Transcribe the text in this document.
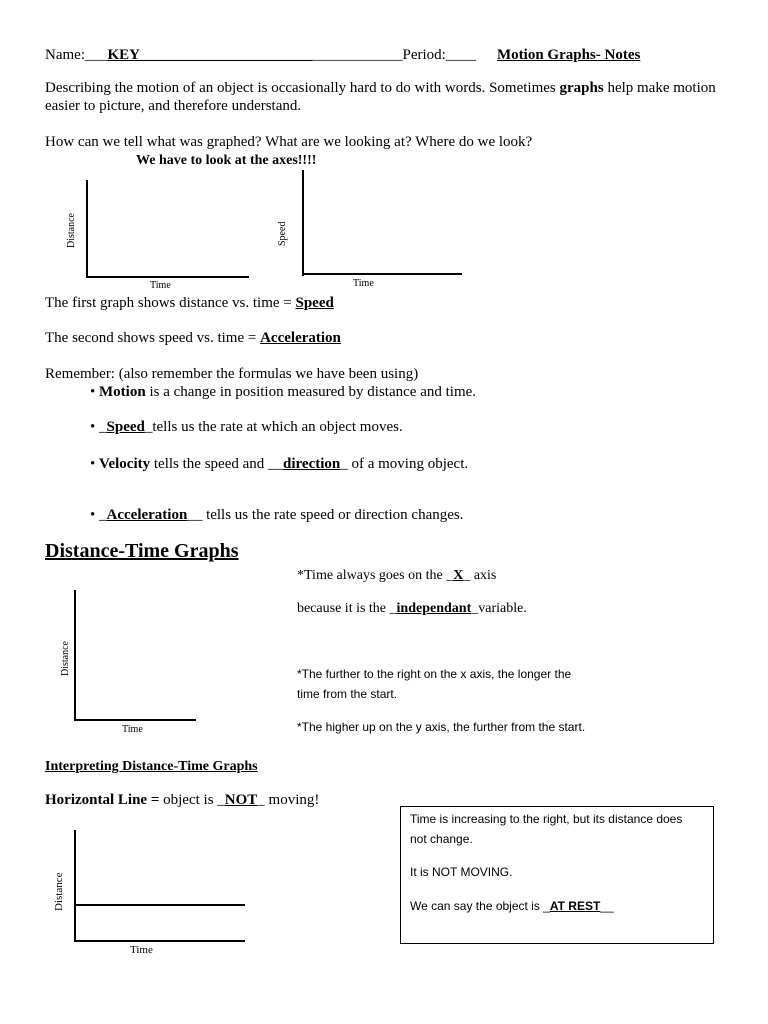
Name:___KEY___________________________________Period:____ Motion Graphs- Notes
Describing the motion of an object is occasionally hard to do with words. Sometimes graphs help make motion
easier to picture, and therefore understand.
How can we tell what was graphed? What are we looking at? Where do we look?
We have to look at the axes!!!!
Distance
Time
Speed
Time
The first graph shows distance vs. time = Speed
The second shows speed vs. time = Acceleration
Remember: (also remember the formulas we have been using)
• Motion is a change in position measured by distance and time.
• _Speed_tells us the rate at which an object moves.
• Velocity tells the speed and __direction_ of a moving object.
• _Acceleration__ tells us the rate speed or direction changes.
Distance-Time Graphs
*Time always goes on the _X_ axis
because it is the _independant_variable.
*The further to the right on the x axis, the longer the
time from the start.
*The higher up on the y axis, the further from the start.
Distance
Time
Interpreting Distance-Time Graphs
Horizontal Line = object is _NOT_ moving!
Distance
Time
Time is increasing to the right, but its distance does
not change.
It is NOT MOVING.
We can say the object is _AT REST__
